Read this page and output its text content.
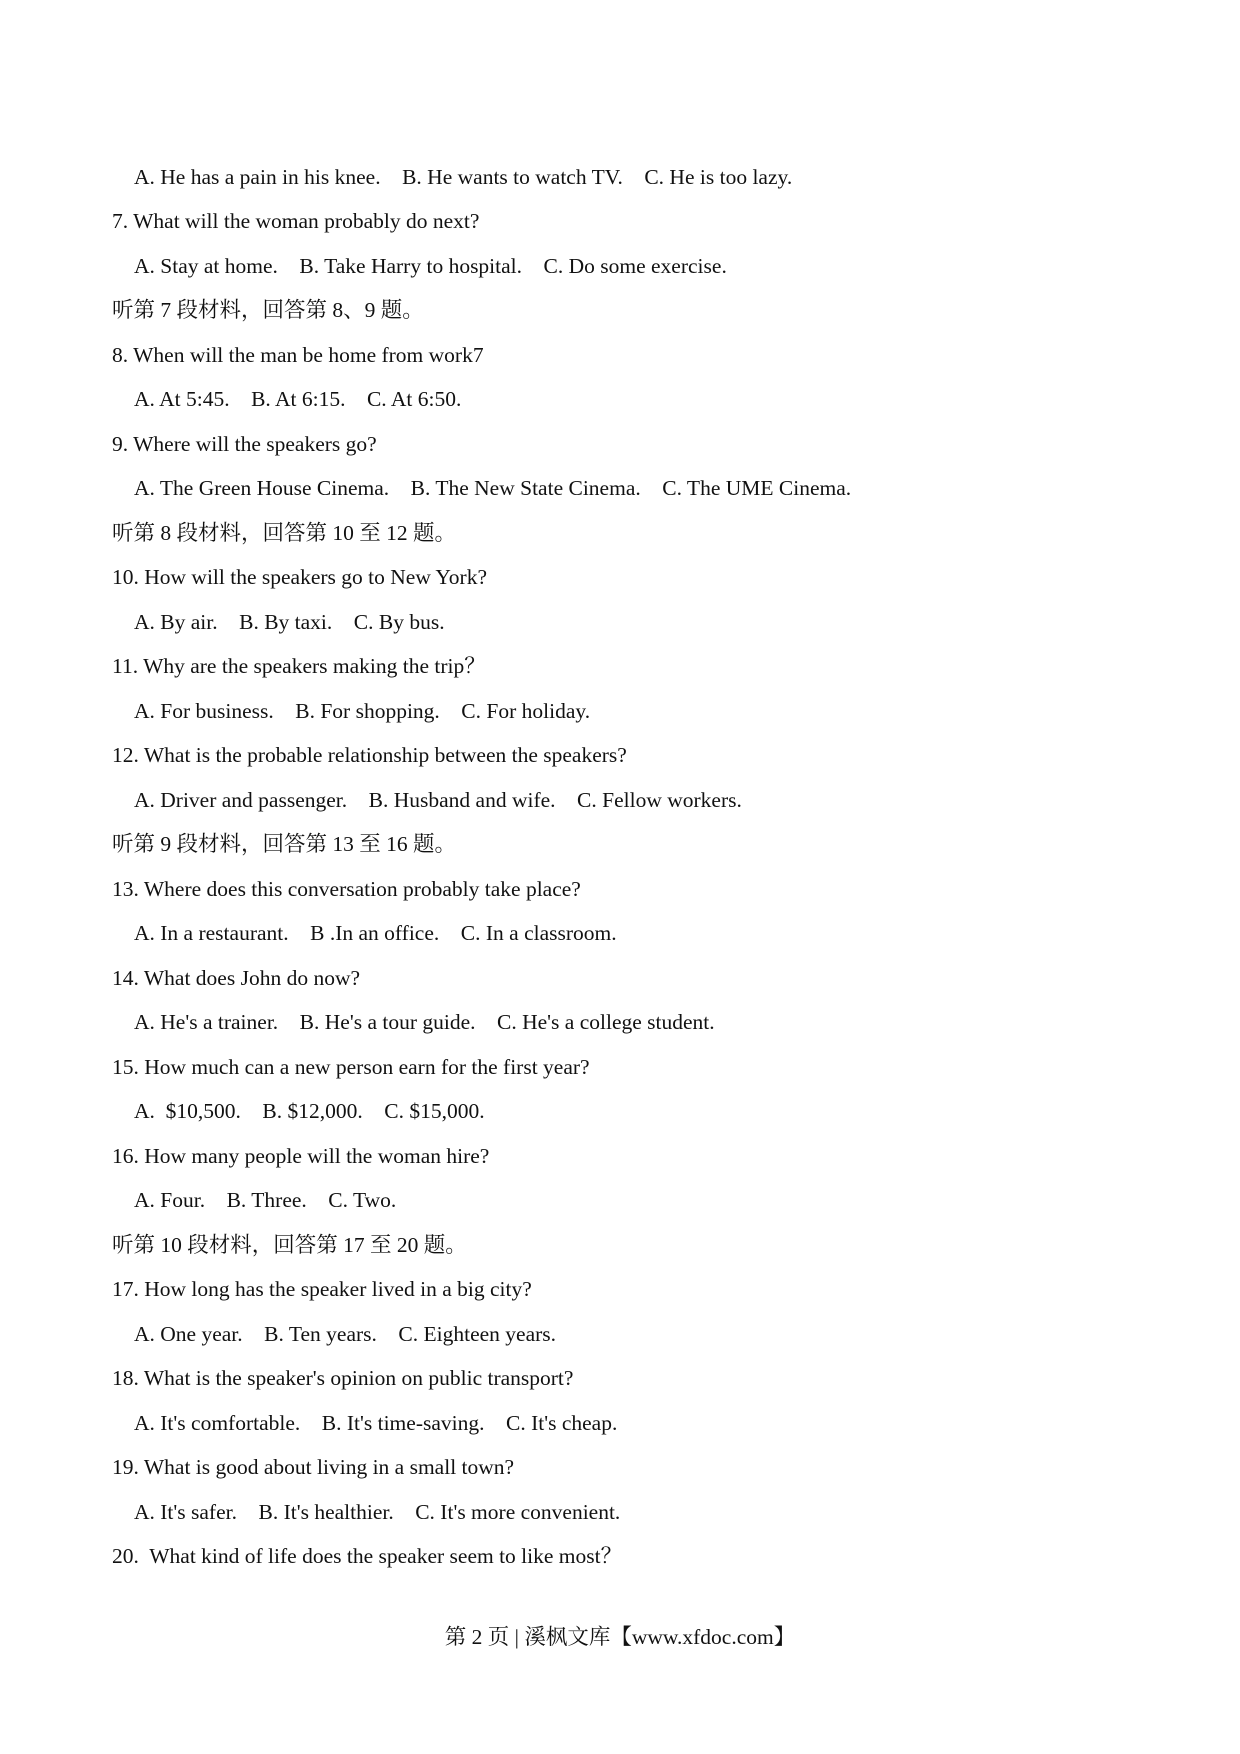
A. He has a pain in his knee.    B. He wants to watch TV.    C. He is too lazy.
7. What will the woman probably do next?
A. Stay at home.    B. Take Harry to hospital.    C. Do some exercise.
听第 7 段材料，回答第 8、9 题。
8. When will the man be home from work7
A. At 5:45.    B. At 6:15.    C. At 6:50.
9. Where will the speakers go?
A. The Green House Cinema.    B. The New State Cinema.    C. The UME Cinema.
听第 8 段材料，回答第 10 至 12 题。
10. How will the speakers go to New York?
A. By air.    B. By taxi.    C. By bus.
11. Why are the speakers making the trip？
A. For business.    B. For shopping.    C. For holiday.
12. What is the probable relationship between the speakers?
A. Driver and passenger.    B. Husband and wife.    C. Fellow workers.
听第 9 段材料，回答第 13 至 16 题。
13. Where does this conversation probably take place?
A. In a restaurant.    B .In an office.    C. In a classroom.
14. What does John do now?
A. He's a trainer.    B. He's a tour guide.    C. He's a college student.
15. How much can a new person earn for the first year?
A.  $10,500.    B. $12,000.    C. $15,000.
16. How many people will the woman hire?
A. Four.    B. Three.    C. Two.
听第 10 段材料，回答第 17 至 20 题。
17. How long has the speaker lived in a big city?
A. One year.    B. Ten years.    C. Eighteen years.
18. What is the speaker's opinion on public transport?
A. It's comfortable.    B. It's time-saving.    C. It's cheap.
19. What is good about living in a small town?
A. It's safer.    B. It's healthier.    C. It's more convenient.
20.  What kind of life does the speaker seem to like most？
第 2 页 | 溪枫文库【www.xfdoc.com】
